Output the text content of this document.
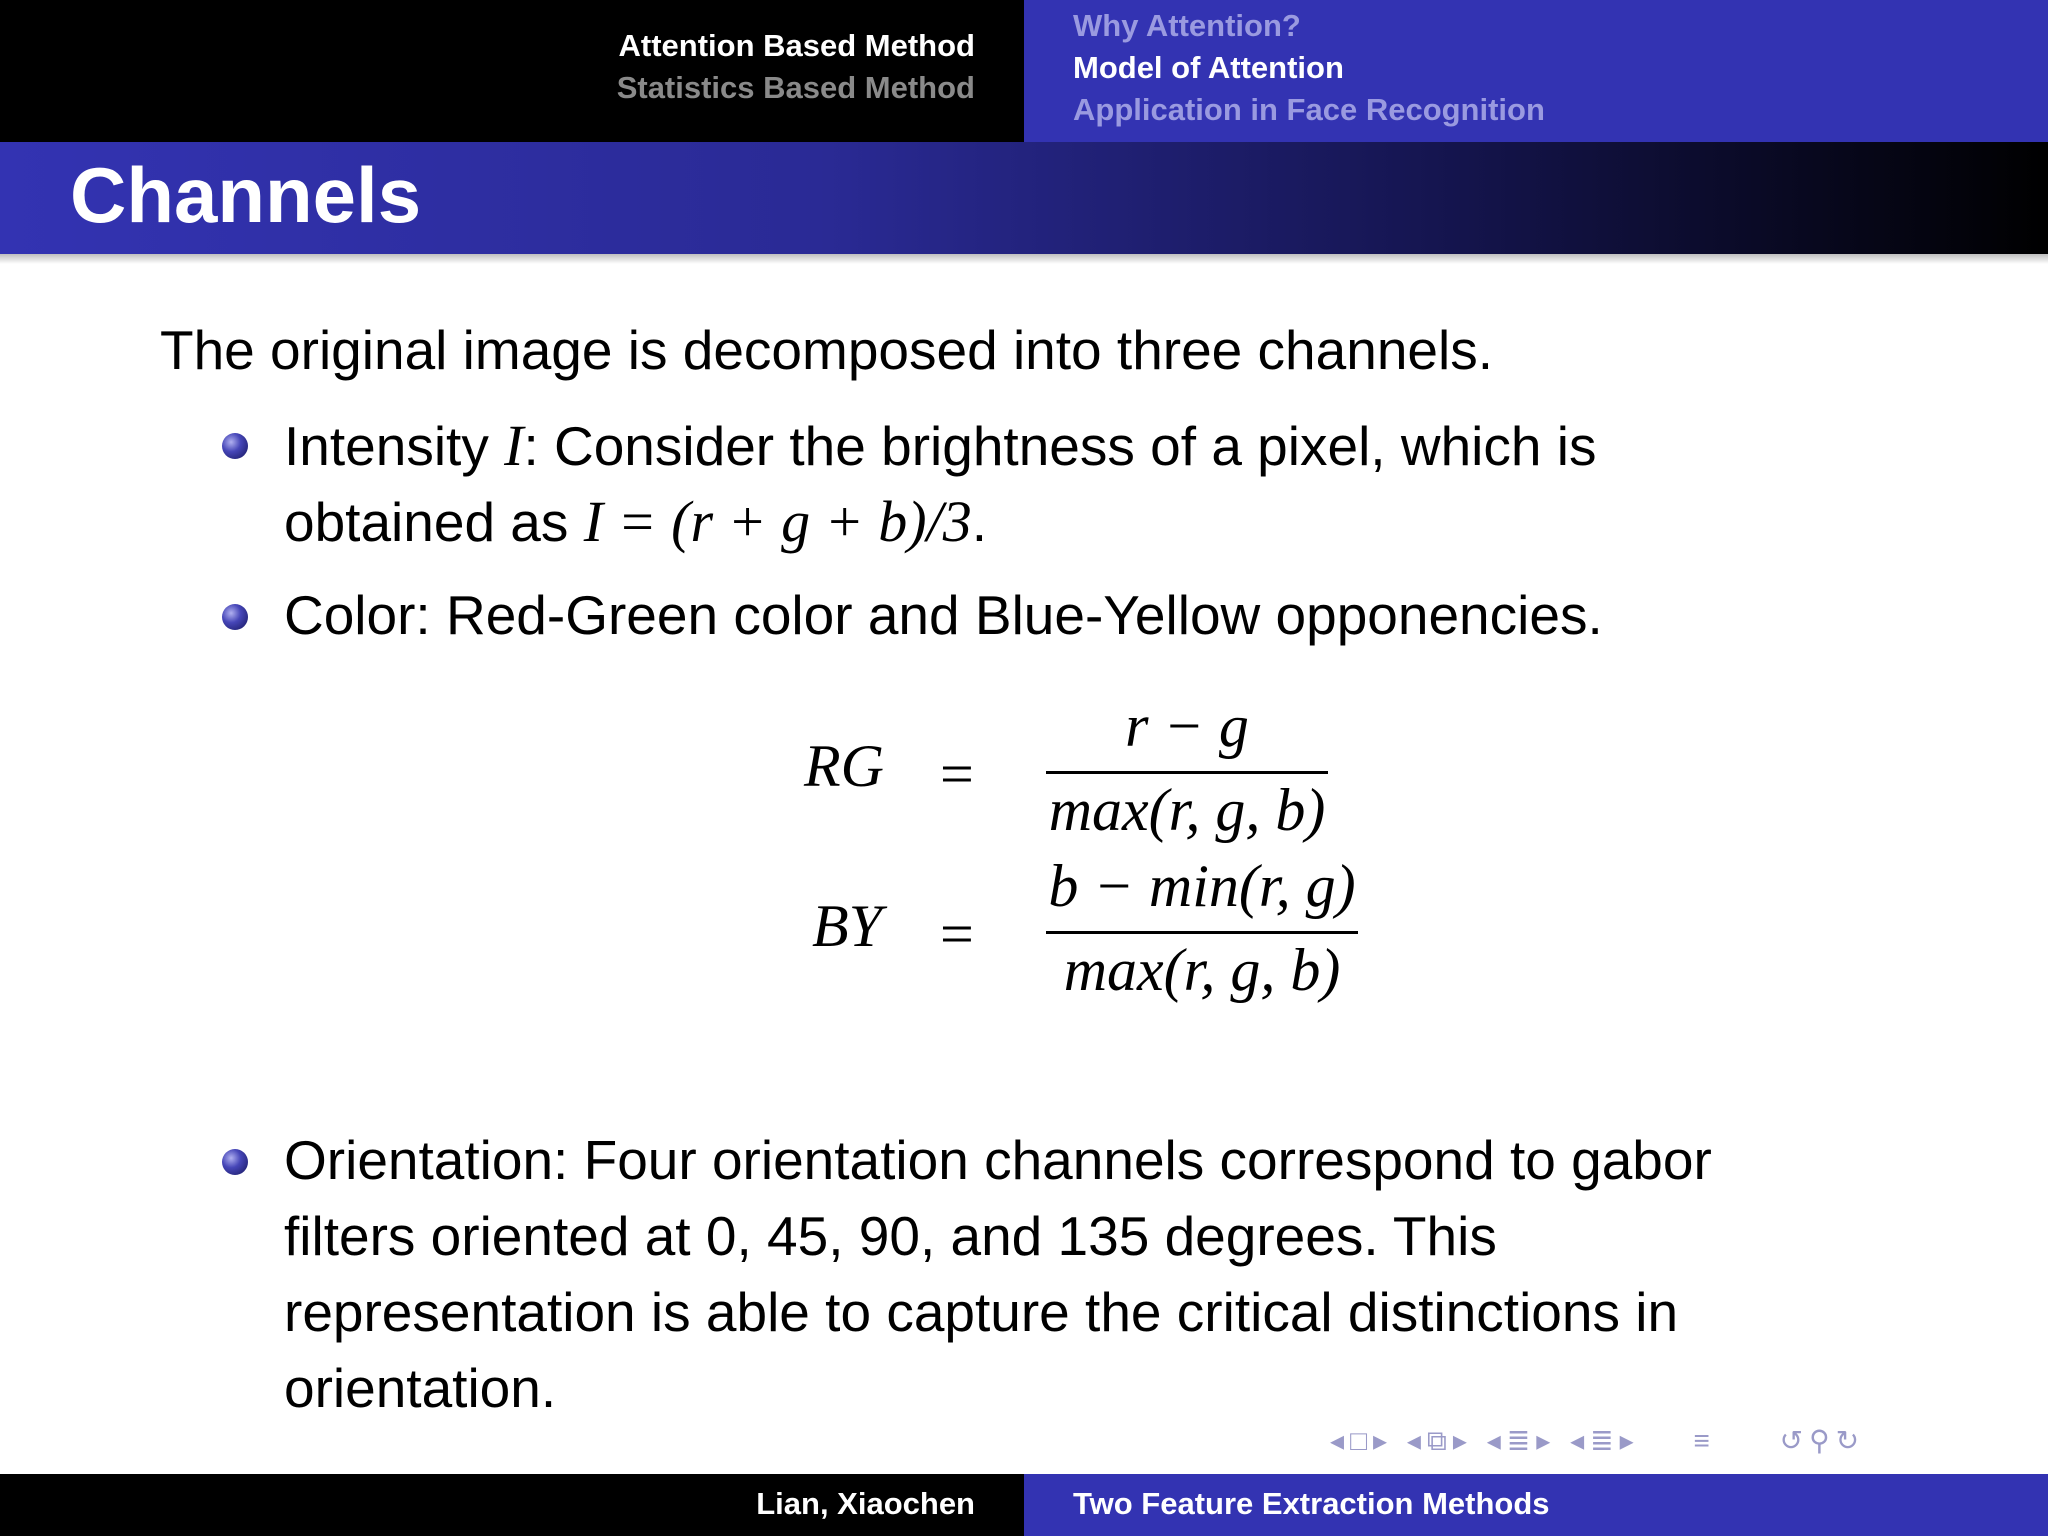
Attention Based Method
Statistics Based Method
Why Attention?
Model of Attention
Application in Face Recognition
Channels
The original image is decomposed into three channels.
Intensity I: Consider the brightness of a pixel, which is
obtained as I = (r + g + b)/3.
Color: Red-Green color and Blue-Yellow opponencies.
RG =
r − g
max(r, g, b)
BY =
b − min(r, g)
max(r, g, b)
Orientation: Four orientation channels correspond to gabor
filters oriented at 0, 45, 90, and 135 degrees. This
representation is able to capture the critical distinctions in
orientation.
◂□▸ ◂⧉▸ ◂≣▸ ◂≣▸ ≡ ↺⚲↻
Lian, Xiaochen	Two Feature Extraction Methods
